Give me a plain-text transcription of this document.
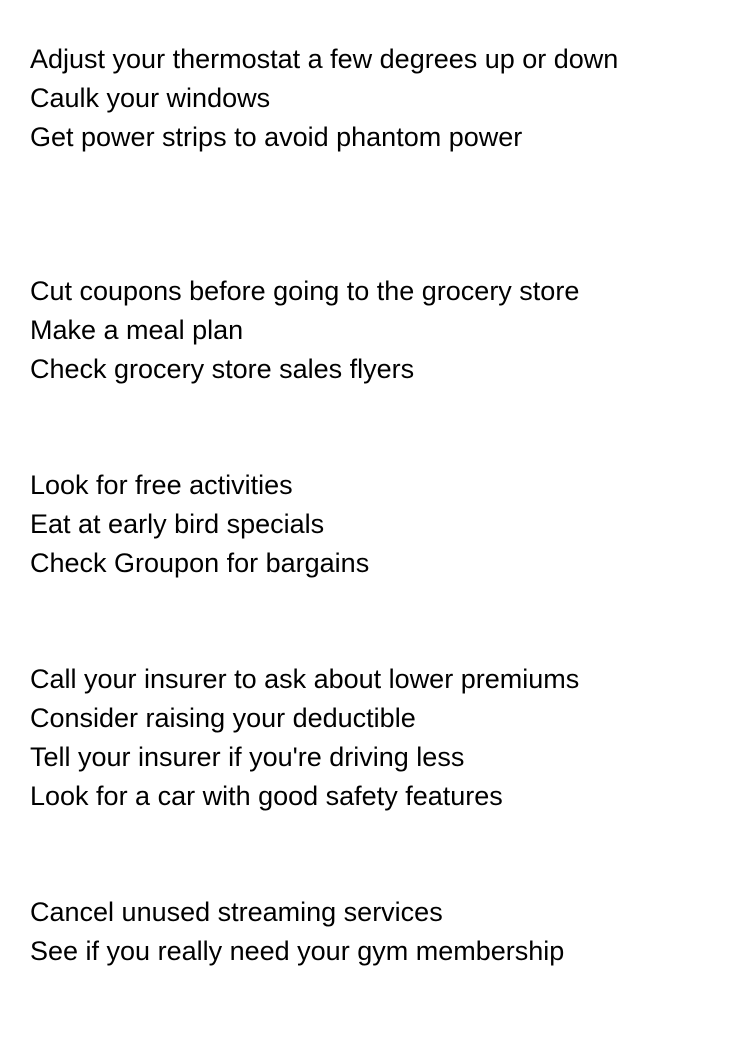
Adjust your thermostat a few degrees up or down
Caulk your windows
Get power strips to avoid phantom power
Cut coupons before going to the grocery store
Make a meal plan
Check grocery store sales flyers
Look for free activities
Eat at early bird specials
Check Groupon for bargains
Call your insurer to ask about lower premiums
Consider raising your deductible
Tell your insurer if you're driving less
Look for a car with good safety features
Cancel unused streaming services
See if you really need your gym membership
